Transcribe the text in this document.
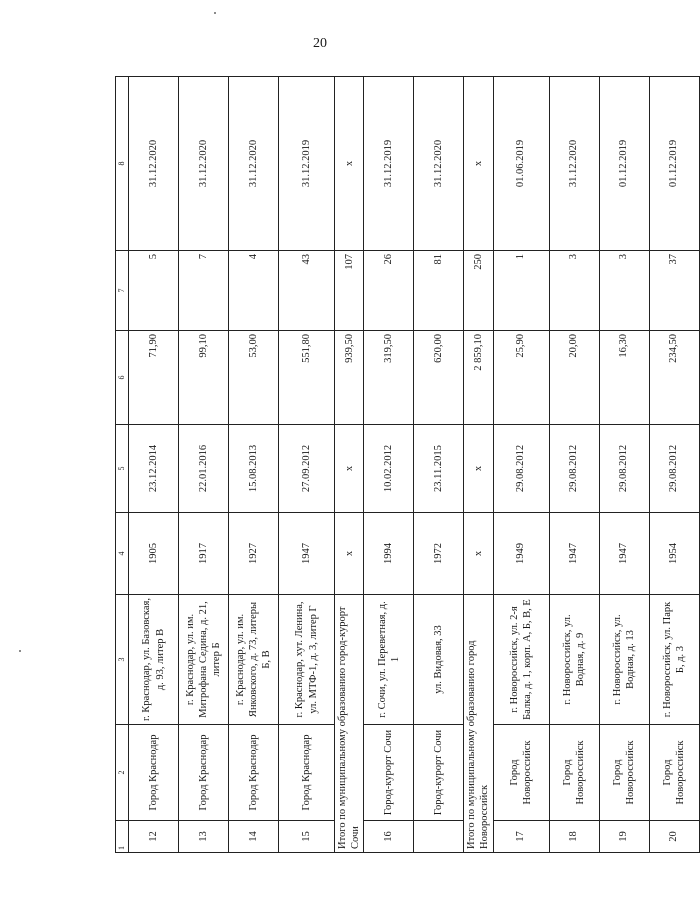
20
1	2	3	4	5	6	7	8
12	Город Краснодар	г. Краснодар, ул. Базовская, д. 93, литер В	1905	23.12.2014	71,90	5	31.12.2020
13	Город Краснодар	г. Краснодар, ул. им. Митрофана Седина, д. 21, литер Б	1917	22.01.2016	99,10	7	31.12.2020
14	Город Краснодар	г. Краснодар, ул. им. Янковского, д. 73, литеры Б, В	1927	15.08.2013	53,00	4	31.12.2020
15	Город Краснодар	г. Краснодар, хут. Ленина, ул. МТФ-1, д. 3, литер Г	1947	27.09.2012	551,80	43	31.12.2019
Итого по муниципальному образованию город-курорт Сочи			х	х	939,50	107	х
16	Город-курорт Сочи	г. Сочи, ул. Переветная, д. 1	1994	10.02.2012	319,50	26	31.12.2019
	Город-курорт Сочи	ул. Видовая, 33	1972	23.11.2015	620,00	81	31.12.2020
Итого по муниципальному образованию город Новороссийск			х	х	2 859,10	250	х
17	Город Новороссийск	г. Новороссийск, ул. 2-я Балка, д. 1, корп. А, Б, В, Е	1949	29.08.2012	25,90	1	01.06.2019
18	Город Новороссийск	г. Новороссийск, ул. Водная, д. 9	1947	29.08.2012	20,00	3	31.12.2020
19	Город Новороссийск	г. Новороссийск, ул. Водная, д. 13	1947	29.08.2012	16,30	3	01.12.2019
20	Город Новороссийск	г. Новороссийск, ул. Парк Б, д. 3	1954	29.08.2012	234,50	37	01.12.2019
